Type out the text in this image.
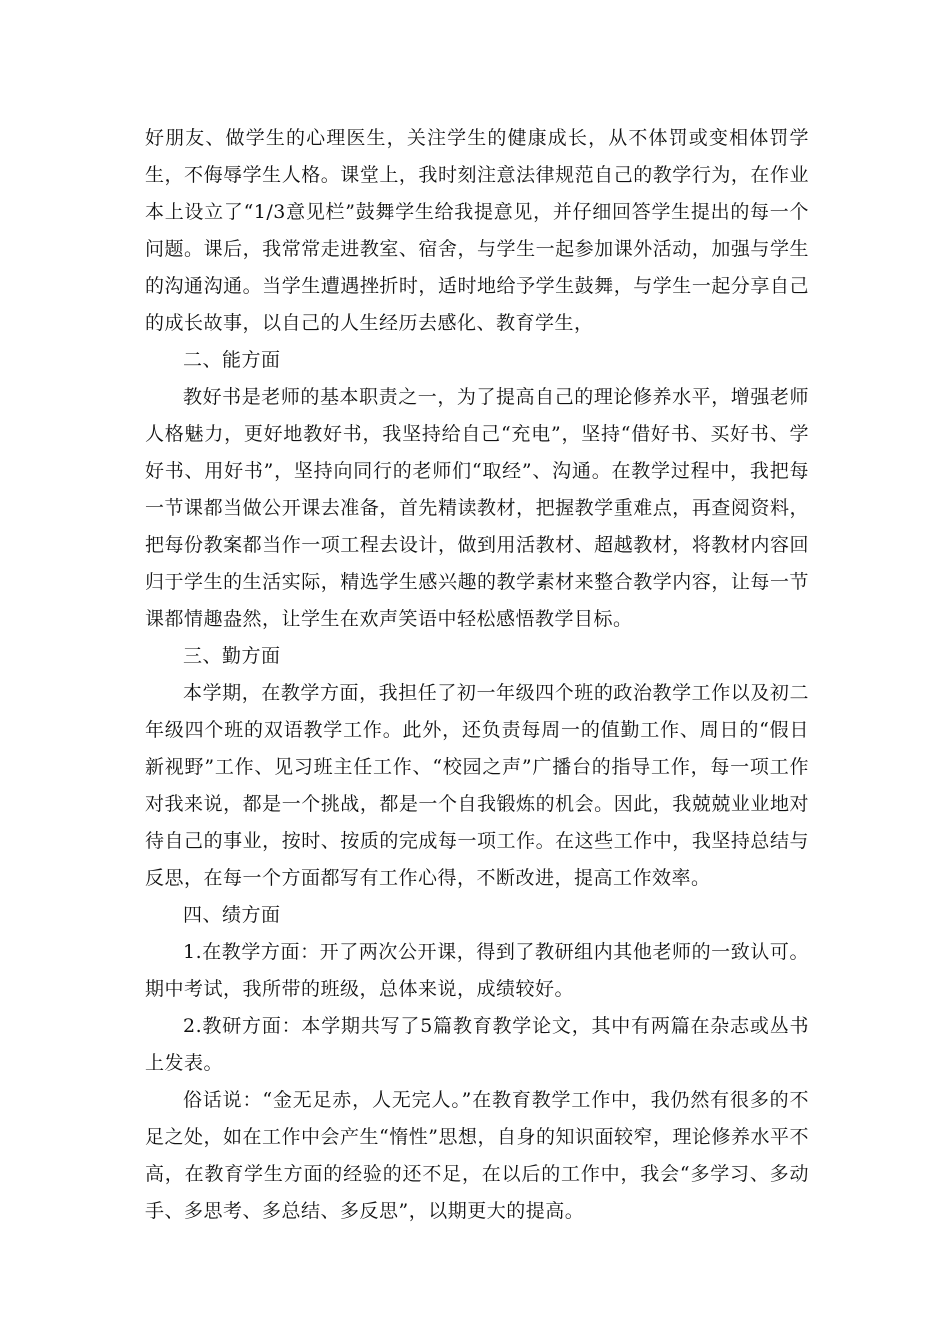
好朋友、做学生的心理医生，关注学生的健康成长，从不体罚或变相体罚学生，不侮辱学生人格。课堂上，我时刻注意法律规范自己的教学行为，在作业本上设立了“1/3意见栏”鼓舞学生给我提意见，并仔细回答学生提出的每一个问题。课后，我常常走进教室、宿舍，与学生一起参加课外活动，加强与学生的沟通沟通。当学生遭遇挫折时，适时地给予学生鼓舞，与学生一起分享自己的成长故事，以自己的人生经历去感化、教育学生，

二、能方面

教好书是老师的基本职责之一，为了提高自己的理论修养水平，增强老师人格魅力，更好地教好书，我坚持给自己“充电”，坚持“借好书、买好书、学好书、用好书”，坚持向同行的老师们“取经”、沟通。在教学过程中，我把每一节课都当做公开课去准备，首先精读教材，把握教学重难点，再查阅资料，把每份教案都当作一项工程去设计，做到用活教材、超越教材，将教材内容回归于学生的生活实际，精选学生感兴趣的教学素材来整合教学内容，让每一节课都情趣盎然，让学生在欢声笑语中轻松感悟教学目标。

三、勤方面

本学期，在教学方面，我担任了初一年级四个班的政治教学工作以及初二年级四个班的双语教学工作。此外，还负责每周一的值勤工作、周日的“假日新视野”工作、见习班主任工作、“校园之声”广播台的指导工作，每一项工作对我来说，都是一个挑战，都是一个自我锻炼的机会。因此，我兢兢业业地对待自己的事业，按时、按质的完成每一项工作。在这些工作中，我坚持总结与反思，在每一个方面都写有工作心得，不断改进，提高工作效率。

四、绩方面

1.在教学方面：开了两次公开课，得到了教研组内其他老师的一致认可。期中考试，我所带的班级，总体来说，成绩较好。

2.教研方面：本学期共写了5篇教育教学论文，其中有两篇在杂志或丛书上发表。

俗话说：“金无足赤，人无完人。”在教育教学工作中，我仍然有很多的不足之处，如在工作中会产生“惰性”思想，自身的知识面较窄，理论修养水平不高，在教育学生方面的经验的还不足，在以后的工作中，我会“多学习、多动手、多思考、多总结、多反思”，以期更大的提高。
